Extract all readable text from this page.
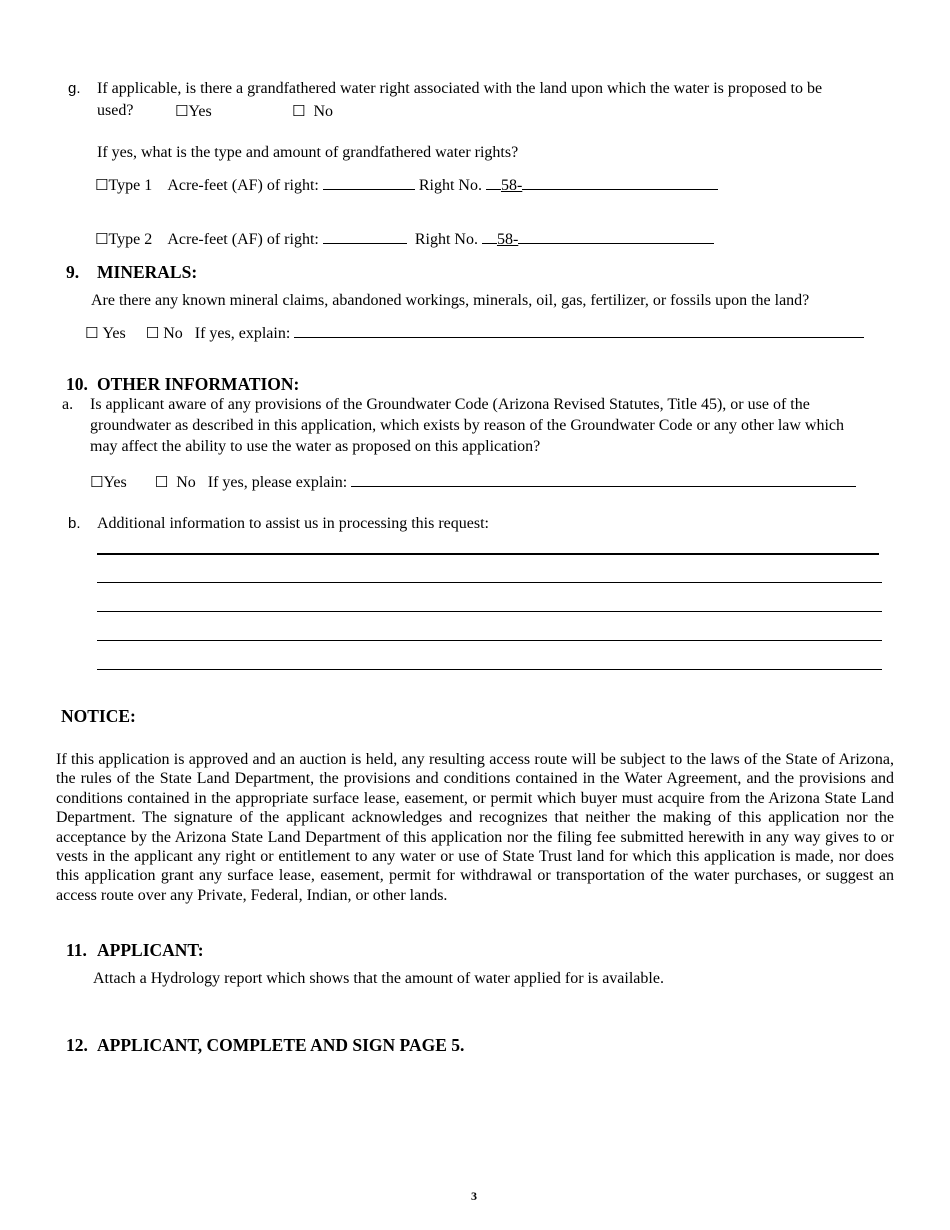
g. If applicable, is there a grandfathered water right associated with the land upon which the water is proposed to be
used?	☐Yes	☐ No
If yes, what is the type and amount of grandfathered water rights?
☐Type 1 Acre-feet (AF) of right:	Right No. 58-
☐Type 2 Acre-feet (AF) of right:	Right No. 58-
9. MINERALS:
Are there any known mineral claims, abandoned workings, minerals, oil, gas, fertilizer, or fossils upon the land?
☐ Yes ☐ No If yes, explain:
10. OTHER INFORMATION:
a. Is applicant aware of any provisions of the Groundwater Code (Arizona Revised Statutes, Title 45), or use of the
groundwater as described in this application, which exists by reason of the Groundwater Code or any other law which
may affect the ability to use the water as proposed on this application?
☐Yes ☐ No If yes, please explain:
b. Additional information to assist us in processing this request:
NOTICE:
If this application is approved and an auction is held, any resulting access route will be subject to the laws of the State of Arizona, the rules of the State Land Department, the provisions and conditions contained in the Water Agreement, and the provisions and conditions contained in the appropriate surface lease, easement, or permit which buyer must acquire from the Arizona State Land Department. The signature of the applicant acknowledges and recognizes that neither the making of this application nor the acceptance by the Arizona State Land Department of this application nor the filing fee submitted herewith in any way gives to or vests in the applicant any right or entitlement to any water or use of State Trust land for which this application is made, nor does this application grant any surface lease, easement, permit for withdrawal or transportation of the water purchases, or suggest an access route over any Private, Federal, Indian, or other lands.
11. APPLICANT:
Attach a Hydrology report which shows that the amount of water applied for is available.
12. APPLICANT, COMPLETE AND SIGN PAGE 5.
3
